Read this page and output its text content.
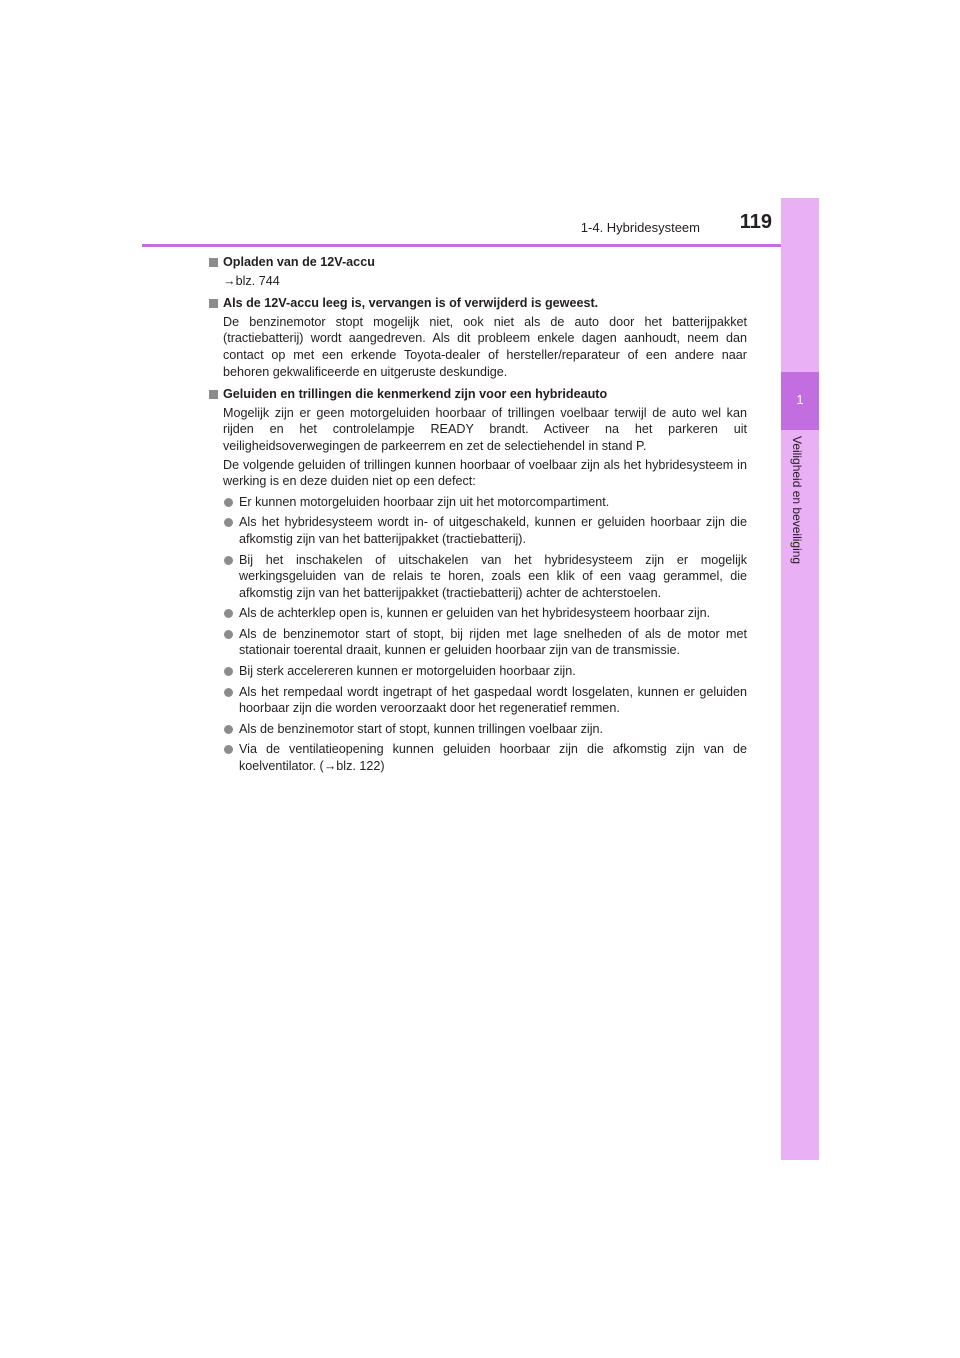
1-4. Hybridesysteem	119
1
Veiligheid en beveiliging
Opladen van de 12V-accu
→blz. 744
Als de 12V-accu leeg is, vervangen is of verwijderd is geweest.
De benzinemotor stopt mogelijk niet, ook niet als de auto door het batterijpakket (tractiebatterij) wordt aangedreven. Als dit probleem enkele dagen aanhoudt, neem dan contact op met een erkende Toyota-dealer of hersteller/reparateur of een andere naar behoren gekwalificeerde en uitgeruste deskundige.
Geluiden en trillingen die kenmerkend zijn voor een hybrideauto
Mogelijk zijn er geen motorgeluiden hoorbaar of trillingen voelbaar terwijl de auto wel kan rijden en het controlelampje READY brandt. Activeer na het parkeren uit veiligheidsoverwegingen de parkeerrem en zet de selectiehendel in stand P.
De volgende geluiden of trillingen kunnen hoorbaar of voelbaar zijn als het hybridesysteem in werking is en deze duiden niet op een defect:
Er kunnen motorgeluiden hoorbaar zijn uit het motorcompartiment.
Als het hybridesysteem wordt in- of uitgeschakeld, kunnen er geluiden hoorbaar zijn die afkomstig zijn van het batterijpakket (tractiebatterij).
Bij het inschakelen of uitschakelen van het hybridesysteem zijn er mogelijk werkingsgeluiden van de relais te horen, zoals een klik of een vaag gerammel, die afkomstig zijn van het batterijpakket (tractiebatterij) achter de achterstoelen.
Als de achterklep open is, kunnen er geluiden van het hybridesysteem hoorbaar zijn.
Als de benzinemotor start of stopt, bij rijden met lage snelheden of als de motor met stationair toerental draait, kunnen er geluiden hoorbaar zijn van de transmissie.
Bij sterk accelereren kunnen er motorgeluiden hoorbaar zijn.
Als het rempedaal wordt ingetrapt of het gaspedaal wordt losgelaten, kunnen er geluiden hoorbaar zijn die worden veroorzaakt door het regeneratief remmen.
Als de benzinemotor start of stopt, kunnen trillingen voelbaar zijn.
Via de ventilatieopening kunnen geluiden hoorbaar zijn die afkomstig zijn van de koelventilator. (→blz. 122)
